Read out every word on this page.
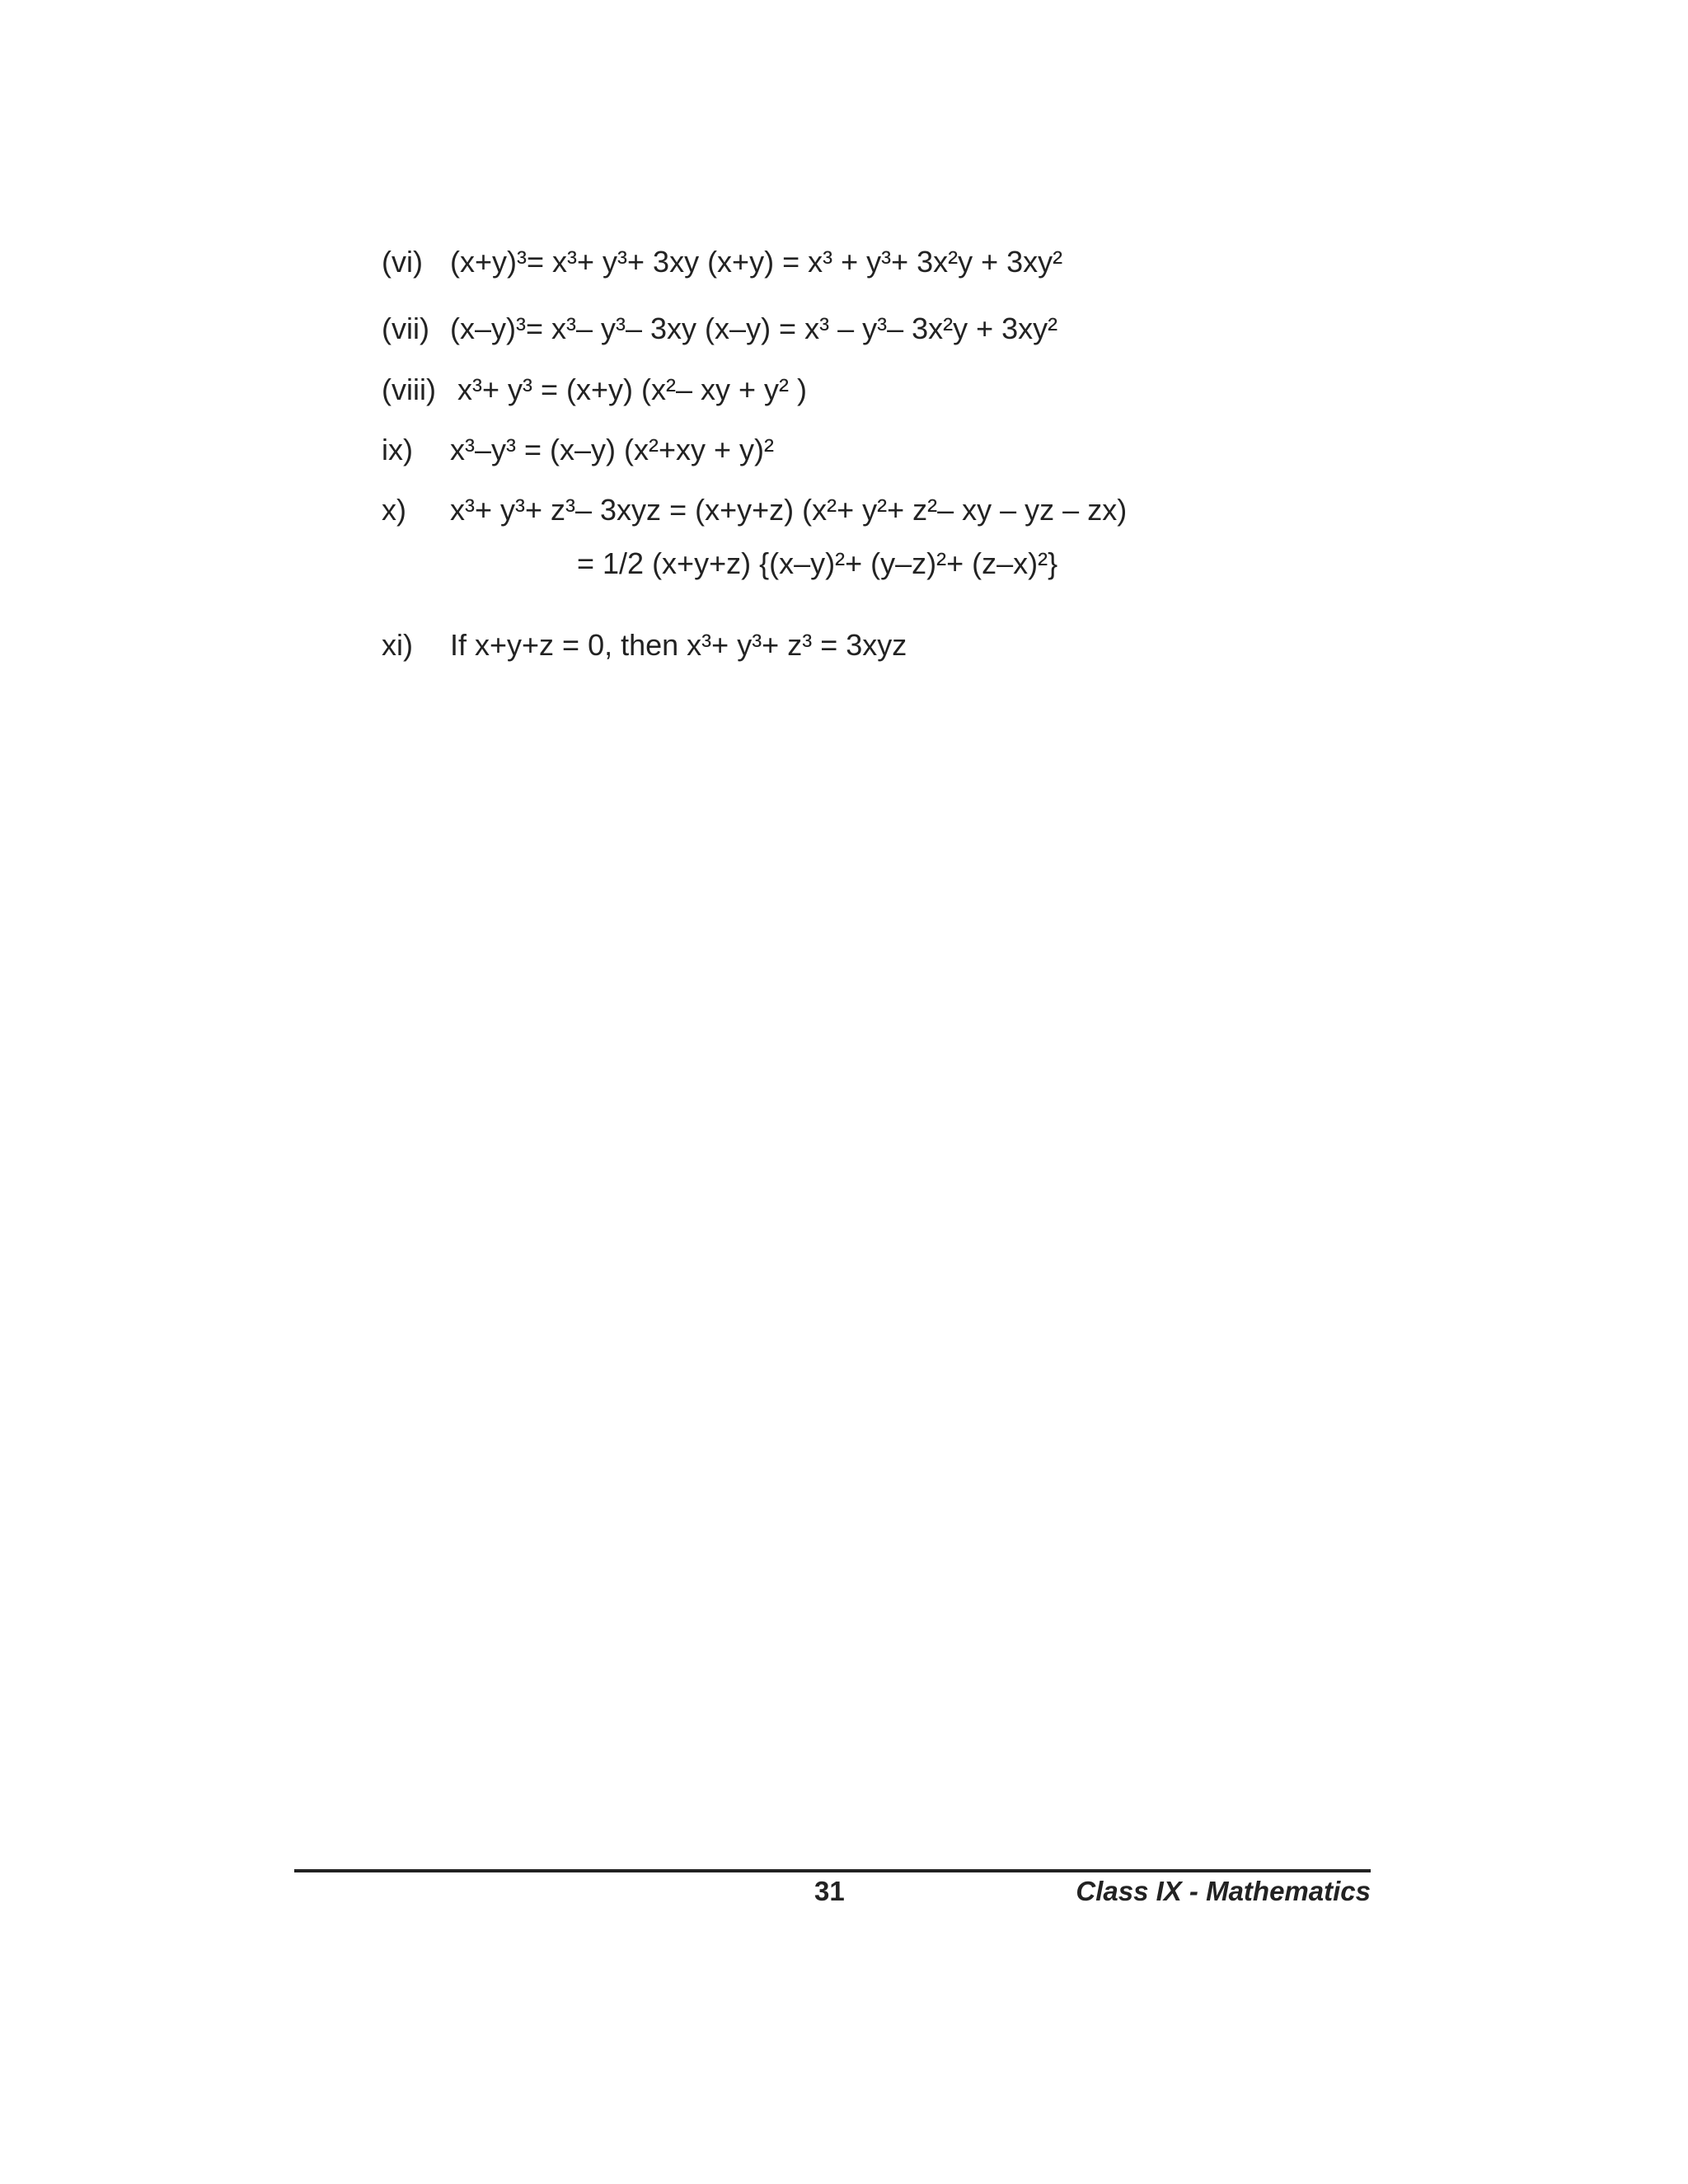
(vi) (x+y)³= x³+ y³+ 3xy (x+y) = x³ + y³+ 3x²y + 3xy²
(vii) (x–y)³= x³– y³– 3xy (x–y) = x³ – y³– 3x²y + 3xy²
(viii) x³+ y³ = (x+y) (x²– xy + y² )
ix) x³–y³ = (x–y) (x²+xy + y)²
x) x³+ y³+ z³– 3xyz = (x+y+z) (x²+ y²+ z²– xy – yz – zx)
= 1/2 (x+y+z) {(x–y)²+ (y–z)²+ (z–x)²}
xi) If x+y+z = 0, then x³+ y³+ z³ = 3xyz
31	Class IX - Mathematics
